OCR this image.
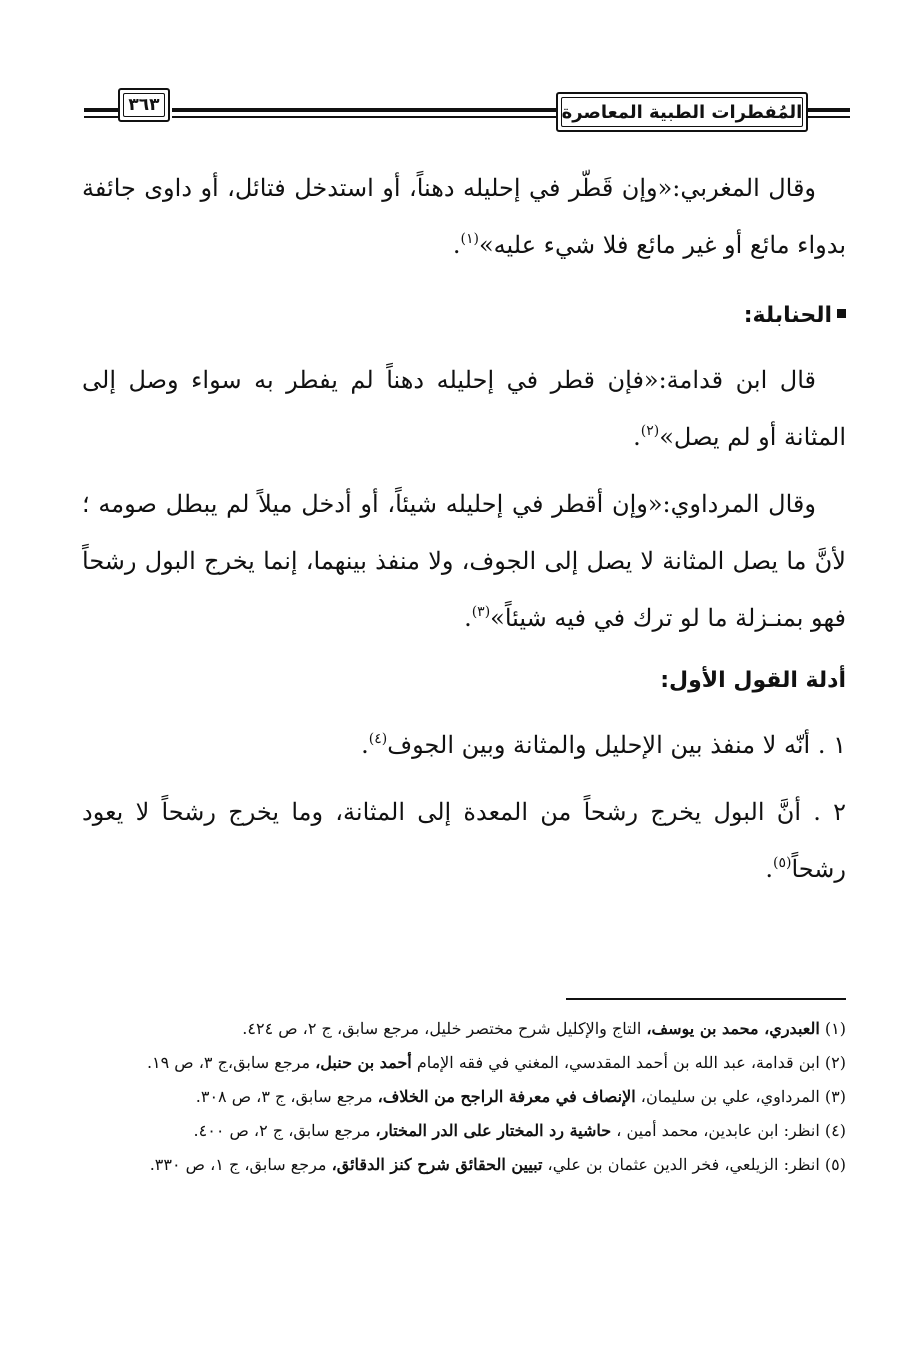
٣٦٣	المُفطرات الطبية المعاصرة

وقال المغربي:«وإن قَطّر في إحليله دهناً، أو استدخل فتائل، أو داوى جائفة بدواء مائع أو غير مائع فلا شيء عليه»$^{(١)}$.

الحنابلة:

قال ابن قدامة:«فإن قطر في إحليله دهناً لم يفطر به سواء وصل إلى المثانة أو لم يصل»$^{(٢)}$.

وقال المرداوي:«وإن أقطر في إحليله شيئاً، أو أدخل ميلاً لم يبطل صومه ؛ لأنَّ ما يصل المثانة لا يصل إلى الجوف، ولا منفذ بينهما، إنما يخرج البول رشحاً فهو بمنـزلة ما لو ترك في فيه شيئاً»$^{(٣)}$.

أدلة القول الأول:

١ . أنّه لا منفذ بين الإحليل والمثانة وبين الجوف$^{(٤)}$.
٢ . أنَّ البول يخرج رشحاً من المعدة إلى المثانة، وما يخرج رشحاً لا يعود رشحاً$^{(٥)}$.

(١) العبدري، محمد بن يوسف، التاج والإكليل شرح مختصر خليل، مرجع سابق، ج ٢، ص ٤٢٤.

(٢) ابن قدامة، عبد الله بن أحمد المقدسي، المغني في فقه الإمام أحمد بن حنبل، مرجع سابق،ج ٣، ص ١٩.

(٣) المرداوي، علي بن سليمان، الإنصاف في معرفة الراجح من الخلاف، مرجع سابق، ج ٣، ص ٣٠٨.

(٤) انظر: ابن عابدين، محمد أمين ، حاشية رد المختار على الدر المختار، مرجع سابق، ج ٢، ص ٤٠٠.

(٥) انظر: الزيلعي، فخر الدين عثمان بن علي، تبيين الحقائق شرح كنز الدقائق، مرجع سابق، ج ١، ص ٣٣٠.
